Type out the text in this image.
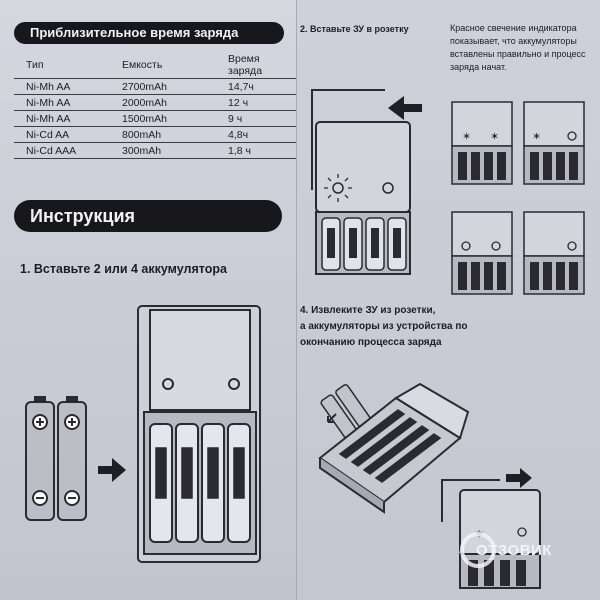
Приблизительное время заряда
Тип	Емкость	Время заряда
Ni-Mh AA	2700mAh	14,7ч
Ni-Mh AA	2000mAh	12 ч
Ni-Mh AA	1500mAh	9 ч
Ni-Cd AA	800mAh	4,8ч
Ni-Cd AAA	300mAh	1,8 ч
Инструкция
1. Вставьте 2 или 4 аккумулятора
2. Вставьте ЗУ в розетку	Красное свечение индикатора показывает, что аккумуляторы вставлены правильно и процесс заряда начат.
✶ ✶	✶
4. Извлеките ЗУ из розетки,
а аккумуляторы из устройства по
окончанию процесса заряда
✶
ОТЗОВИК
